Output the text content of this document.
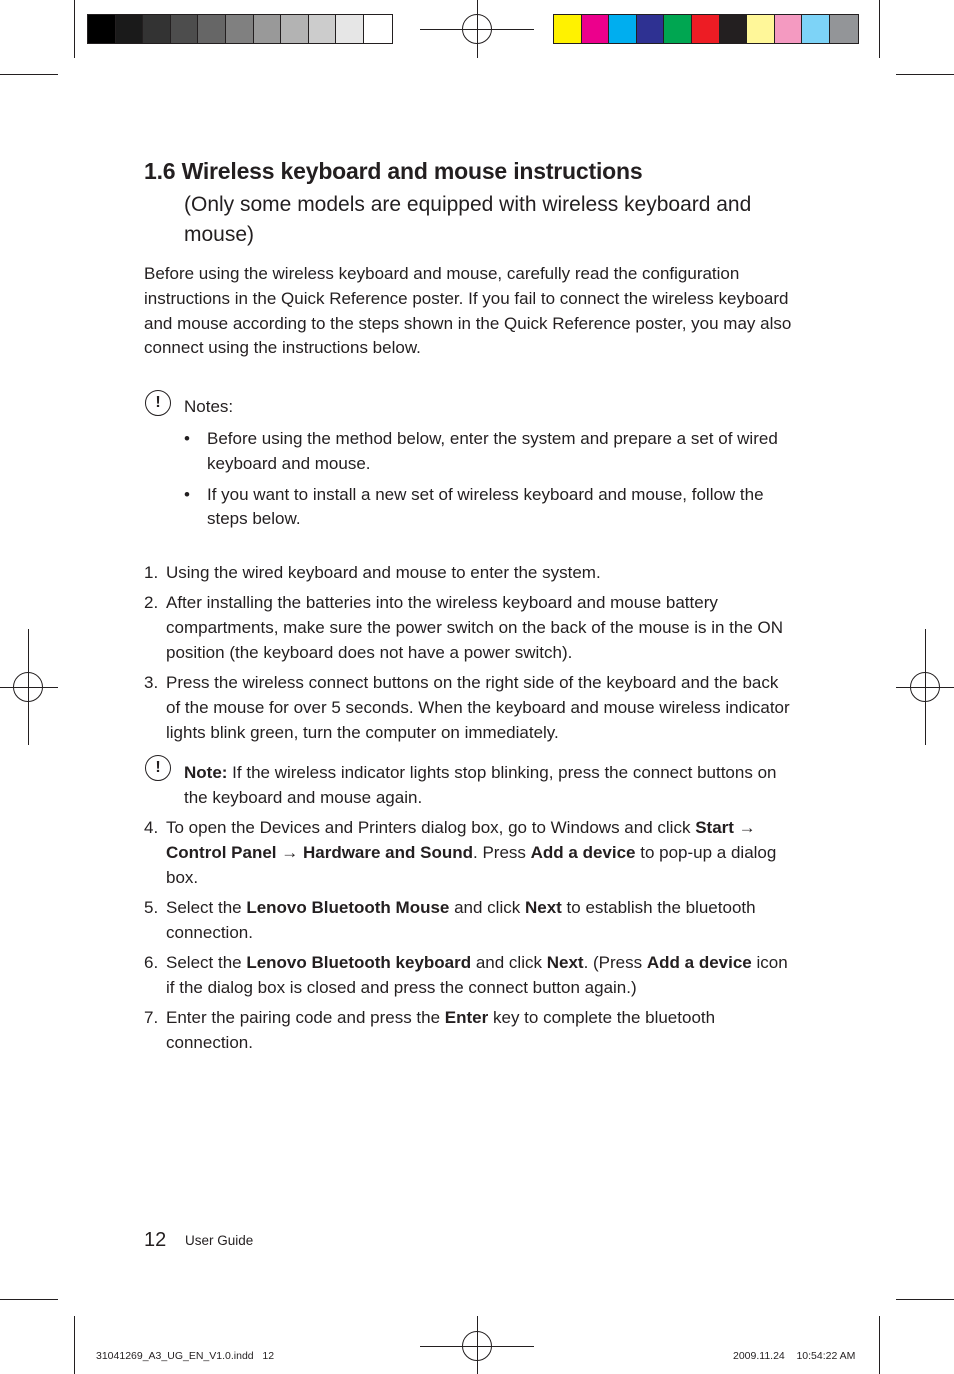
1.6 Wireless keyboard and mouse instructions
(Only some models are equipped with wireless keyboard and mouse)
Before using the wireless keyboard and mouse, carefully read the configuration instructions in the Quick Reference poster. If you fail to connect the wireless keyboard and mouse according to the steps shown in the Quick Reference poster, you may also connect using the instructions below.
!	Notes:
• Before using the method below, enter the system and prepare a set of wired keyboard and mouse.
• If you want to install a new set of wireless keyboard and mouse, follow the steps below.
1. Using the wired keyboard and mouse to enter the system.
2. After installing the batteries into the wireless keyboard and mouse battery compartments, make sure the power switch on the back of the mouse is in the ON position (the keyboard does not have a power switch).
3. Press the wireless connect buttons on the right side of the keyboard and the back of the mouse for over 5 seconds. When the keyboard and mouse wireless indicator lights blink green, turn the computer on immediately.
!	Note: If the wireless indicator lights stop blinking, press the connect buttons on the keyboard and mouse again.
4. To open the Devices and Printers dialog box, go to Windows and click Start → Control Panel → Hardware and Sound. Press Add a device to pop-up a dialog box.
5. Select the Lenovo Bluetooth Mouse and click Next to establish the bluetooth connection.
6. Select the Lenovo Bluetooth keyboard and click Next. (Press Add a device icon if the dialog box is closed and press the connect button again.)
7. Enter the pairing code and press the Enter key to complete the bluetooth connection.
12 User Guide
31041269_A3_UG_EN_V1.0.indd   12	2009.11.24    10:54:22 AM
